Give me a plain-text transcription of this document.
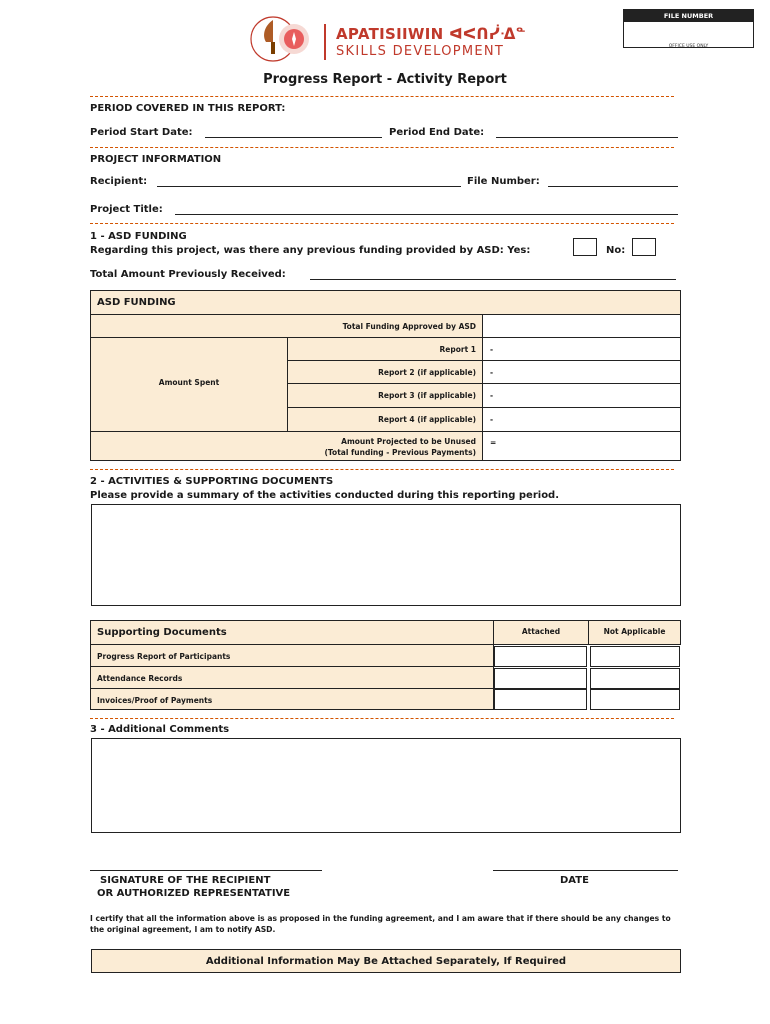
APATISIIWIN ᐊᐸᑎᓰᐎᓐ
SKILLS DEVELOPMENT
FILE NUMBER
OFFICE USE ONLY
Progress Report - Activity Report
PERIOD COVERED IN THIS REPORT:
Period Start Date:	Period End Date:
PROJECT INFORMATION
Recipient:	File Number:
Project Title:
1 - ASD FUNDING
Regarding this project, was there any previous funding provided by ASD: Yes:	No:
Total Amount Previously Received:
ASD FUNDING
Total Funding Approved by ASD
Amount Spent
Report 1 -
Report 2 (if applicable) -
Report 3 (if applicable) -
Report 4 (if applicable) -
Amount Projected to be Unused
(Total funding - Previous Payments)
=
2 - ACTIVITIES & SUPPORTING DOCUMENTS
Please provide a summary of the activities conducted during this reporting period.
Supporting Documents	Attached	Not Applicable
Progress Report of Participants
Attendance Records
Invoices/Proof of Payments
3 - Additional Comments
SIGNATURE OF THE RECIPIENT
OR AUTHORIZED REPRESENTATIVE
DATE
I certify that all the information above is as proposed in the funding agreement, and I am aware that if there should be any changes to the original agreement, I am to notify ASD.
Additional Information May Be Attached Separately, If Required
